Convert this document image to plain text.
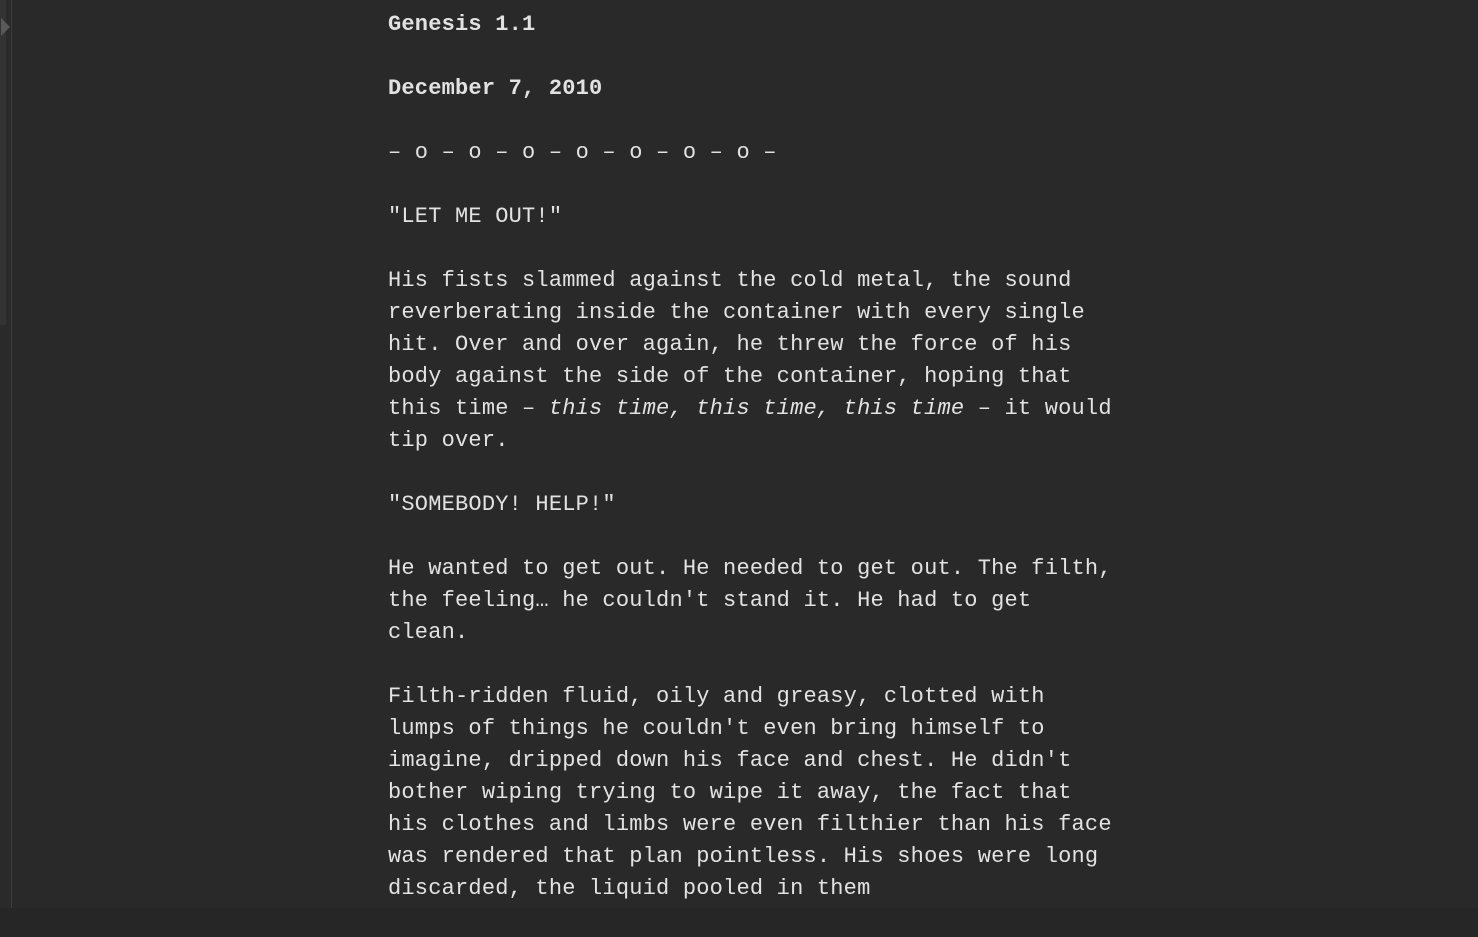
Genesis 1.1

December 7, 2010

– o – o – o – o – o – o – o –

"LET ME OUT!"

His fists slammed against the cold metal, the sound reverberating inside the container with every single hit. Over and over again, he threw the force of his body against the side of the container, hoping that this time – this time, this time, this time – it would tip over.

"SOMEBODY! HELP!"

He wanted to get out. He needed to get out. The filth, the feeling… he couldn't stand it. He had to get clean.

Filth-ridden fluid, oily and greasy, clotted with lumps of things he couldn't even bring himself to imagine, dripped down his face and chest. He didn't bother wiping trying to wipe it away, the fact that his clothes and limbs were even filthier than his face was rendered that plan pointless. His shoes were long discarded, the liquid pooled in them
